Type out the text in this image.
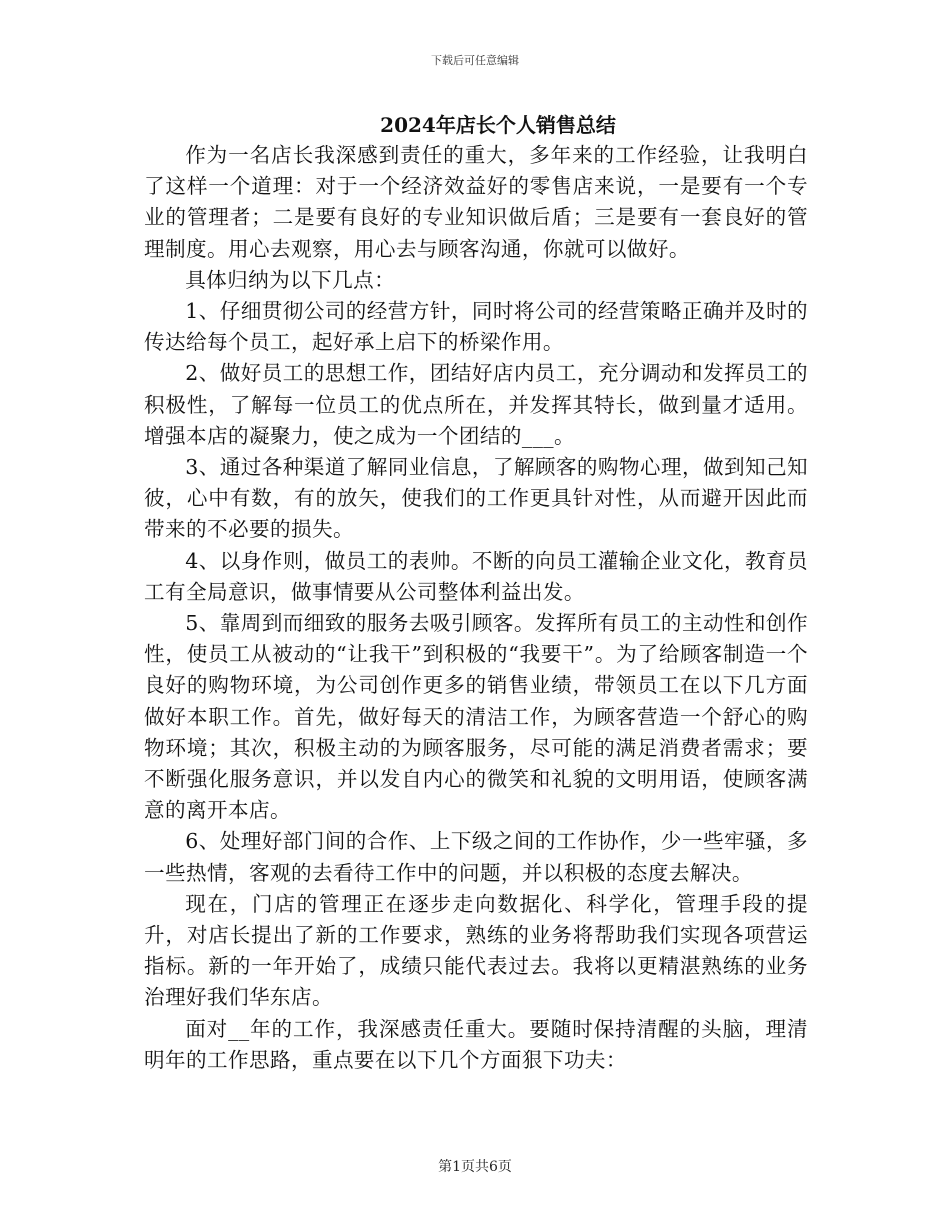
下载后可任意编辑
2024年店长个人销售总结

作为一名店长我深感到责任的重大，多年来的工作经验，让我明白了这样一个道理：对于一个经济效益好的零售店来说，一是要有一个专业的管理者；二是要有良好的专业知识做后盾；三是要有一套良好的管理制度。用心去观察，用心去与顾客沟通，你就可以做好。

具体归纳为以下几点：

1、仔细贯彻公司的经营方针，同时将公司的经营策略正确并及时的传达给每个员工，起好承上启下的桥梁作用。

2、做好员工的思想工作，团结好店内员工，充分调动和发挥员工的积极性，了解每一位员工的优点所在，并发挥其特长，做到量才适用。增强本店的凝聚力，使之成为一个团结的___。

3、通过各种渠道了解同业信息，了解顾客的购物心理，做到知己知彼，心中有数，有的放矢，使我们的工作更具针对性，从而避开因此而带来的不必要的损失。

4、以身作则，做员工的表帅。不断的向员工灌输企业文化，教育员工有全局意识，做事情要从公司整体利益出发。

5、靠周到而细致的服务去吸引顾客。发挥所有员工的主动性和创作性，使员工从被动的“让我干”到积极的“我要干”。为了给顾客制造一个良好的购物环境，为公司创作更多的销售业绩，带领员工在以下几方面做好本职工作。首先，做好每天的清洁工作，为顾客营造一个舒心的购物环境；其次，积极主动的为顾客服务，尽可能的满足消费者需求；要不断强化服务意识，并以发自内心的微笑和礼貌的文明用语，使顾客满意的离开本店。

6、处理好部门间的合作、上下级之间的工作协作，少一些牢骚，多一些热情，客观的去看待工作中的问题，并以积极的态度去解决。

现在，门店的管理正在逐步走向数据化、科学化，管理手段的提升，对店长提出了新的工作要求，熟练的业务将帮助我们实现各项营运指标。新的一年开始了，成绩只能代表过去。我将以更精湛熟练的业务治理好我们华东店。

面对__年的工作，我深感责任重大。要随时保持清醒的头脑，理清明年的工作思路，重点要在以下几个方面狠下功夫：

第1页共6页
